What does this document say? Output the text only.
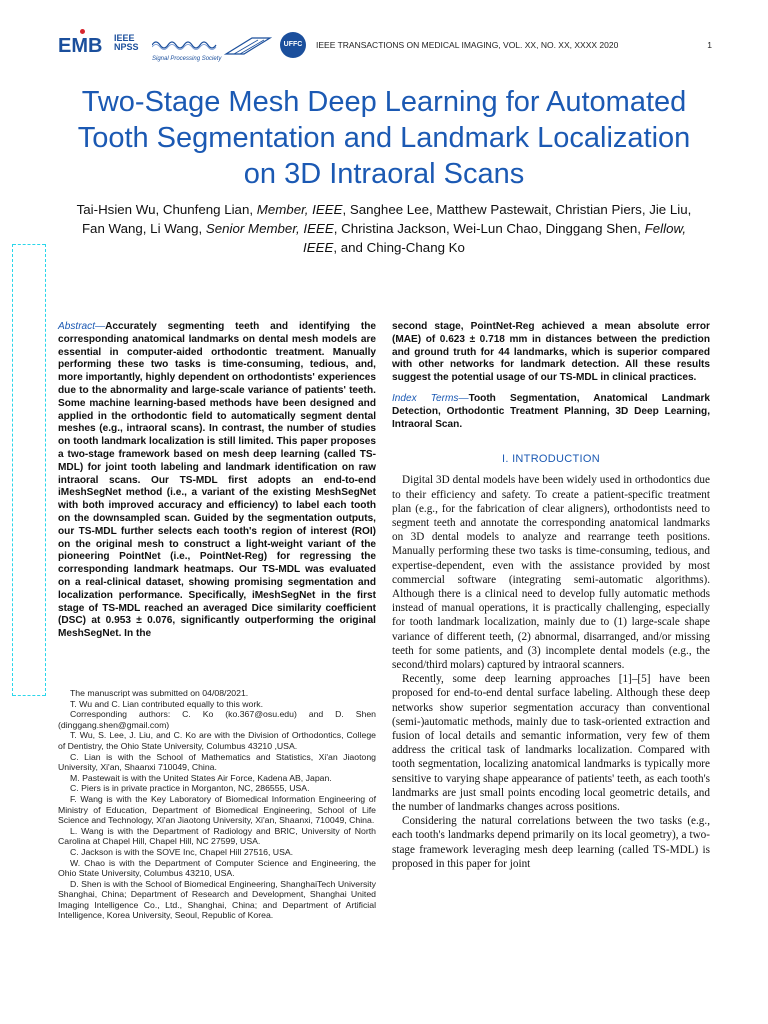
EMB IEEE
NPSS
Signal Processing Society
UFFC	IEEE TRANSACTIONS ON MEDICAL IMAGING, VOL. XX, NO. XX, XXXX 2020	1
Two-Stage Mesh Deep Learning for Automated
Tooth Segmentation and Landmark Localization
on 3D Intraoral Scans
Tai-Hsien Wu, Chunfeng Lian, Member, IEEE, Sanghee Lee, Matthew Pastewait, Christian Piers, Jie Liu,
Fan Wang, Li Wang, Senior Member, IEEE, Christina Jackson, Wei-Lun Chao, Dinggang Shen, Fellow,
IEEE, and Ching-Chang Ko

Abstract—Accurately segmenting teeth and identifying the corresponding anatomical landmarks on dental mesh models are essential in computer-aided orthodontic treatment. Manually performing these two tasks is time-consuming, tedious, and, more importantly, highly dependent on orthodontists' experiences due to the abnormality and large-scale variance of patients' teeth. Some machine learning-based methods have been designed and applied in the orthodontic field to automatically segment dental meshes (e.g., intraoral scans). In contrast, the number of studies on tooth landmark localization is still limited. This paper proposes a two-stage framework based on mesh deep learning (called TS-MDL) for joint tooth labeling and landmark identification on raw intraoral scans. Our TS-MDL first adopts an end-to-end iMeshSegNet method (i.e., a variant of the existing MeshSegNet with both improved accuracy and efficiency) to label each tooth on the downsampled scan. Guided by the segmentation outputs, our TS-MDL further selects each tooth's region of interest (ROI) on the original mesh to construct a light-weight variant of the pioneering PointNet (i.e., PointNet-Reg) for regressing the corresponding landmark heatmaps. Our TS-MDL was evaluated on a real-clinical dataset, showing promising segmentation and localization performance. Specifically, iMeshSegNet in the first stage of TS-MDL reached an averaged Dice similarity coefficient (DSC) at 0.953 ± 0.076, significantly outperforming the original MeshSegNet. In the

The manuscript was submitted on 04/08/2021.

T. Wu and C. Lian contributed equally to this work.

Corresponding authors: C. Ko (ko.367@osu.edu) and D. Shen (dinggang.shen@gmail.com)

T. Wu, S. Lee, J. Liu, and C. Ko are with the Division of Orthodontics, College of Dentistry, the Ohio State University, Columbus 43210 ,USA.

C. Lian is with the School of Mathematics and Statistics, Xi'an Jiaotong University, Xi'an, Shaanxi 710049, China.

M. Pastewait is with the United States Air Force, Kadena AB, Japan.

C. Piers is in private practice in Morganton, NC, 286555, USA.

F. Wang is with the Key Laboratory of Biomedical Information Engineering of Ministry of Education, Department of Biomedical Engineering, School of Life Science and Technology, Xi'an Jiaotong University, Xi'an, Shaanxi, 710049, China.

L. Wang is with the Department of Radiology and BRIC, University of North Carolina at Chapel Hill, Chapel Hill, NC 27599, USA.

C. Jackson is with the SOVE Inc, Chapel Hill 27516, USA.

W. Chao is with the Department of Computer Science and Engineering, the Ohio State University, Columbus 43210, USA.

D. Shen is with the School of Biomedical Engineering, ShanghaiTech University Shanghai, China; Department of Research and Development, Shanghai United Imaging Intelligence Co., Ltd., Shanghai, China; and Department of Artificial Intelligence, Korea University, Seoul, Republic of Korea.

second stage, PointNet-Reg achieved a mean absolute error (MAE) of 0.623 ± 0.718 mm in distances between the prediction and ground truth for 44 landmarks, which is superior compared with other networks for landmark detection. All these results suggest the potential usage of our TS-MDL in clinical practices.

Index Terms—Tooth Segmentation, Anatomical Landmark Detection, Orthodontic Treatment Planning, 3D Deep Learning, Intraoral Scan.

I. INTRODUCTION

Digital 3D dental models have been widely used in orthodontics due to their efficiency and safety. To create a patient-specific treatment plan (e.g., for the fabrication of clear aligners), orthodontists need to segment teeth and annotate the corresponding anatomical landmarks on 3D dental models to analyze and rearrange teeth positions. Manually performing these two tasks is time-consuming, tedious, and expertise-dependent, even with the assistance provided by most commercial software (integrating semi-automatic algorithms). Although there is a clinical need to develop fully automatic methods instead of manual operations, it is practically challenging, especially for tooth landmark localization, mainly due to (1) large-scale shape variance of different teeth, (2) abnormal, disarranged, and/or missing teeth for some patients, and (3) incomplete dental models (e.g., the second/third molars) captured by intraoral scanners.

Recently, some deep learning approaches [1]–[5] have been proposed for end-to-end dental surface labeling. Although these deep networks show superior segmentation accuracy than conventional (semi-)automatic methods, mainly due to task-oriented extraction and fusion of local details and semantic information, very few of them address the critical task of landmarks localization. Compared with tooth segmentation, localizing anatomical landmarks is typically more sensitive to varying shape appearance of patients' teeth, as each tooth's landmarks are just small points encoding local geometric details, and the number of landmarks changes across positions.

Considering the natural correlations between the two tasks (e.g., each tooth's landmarks depend primarily on its local geometry), a two-stage framework leveraging mesh deep learning (called TS-MDL) is proposed in this paper for joint
